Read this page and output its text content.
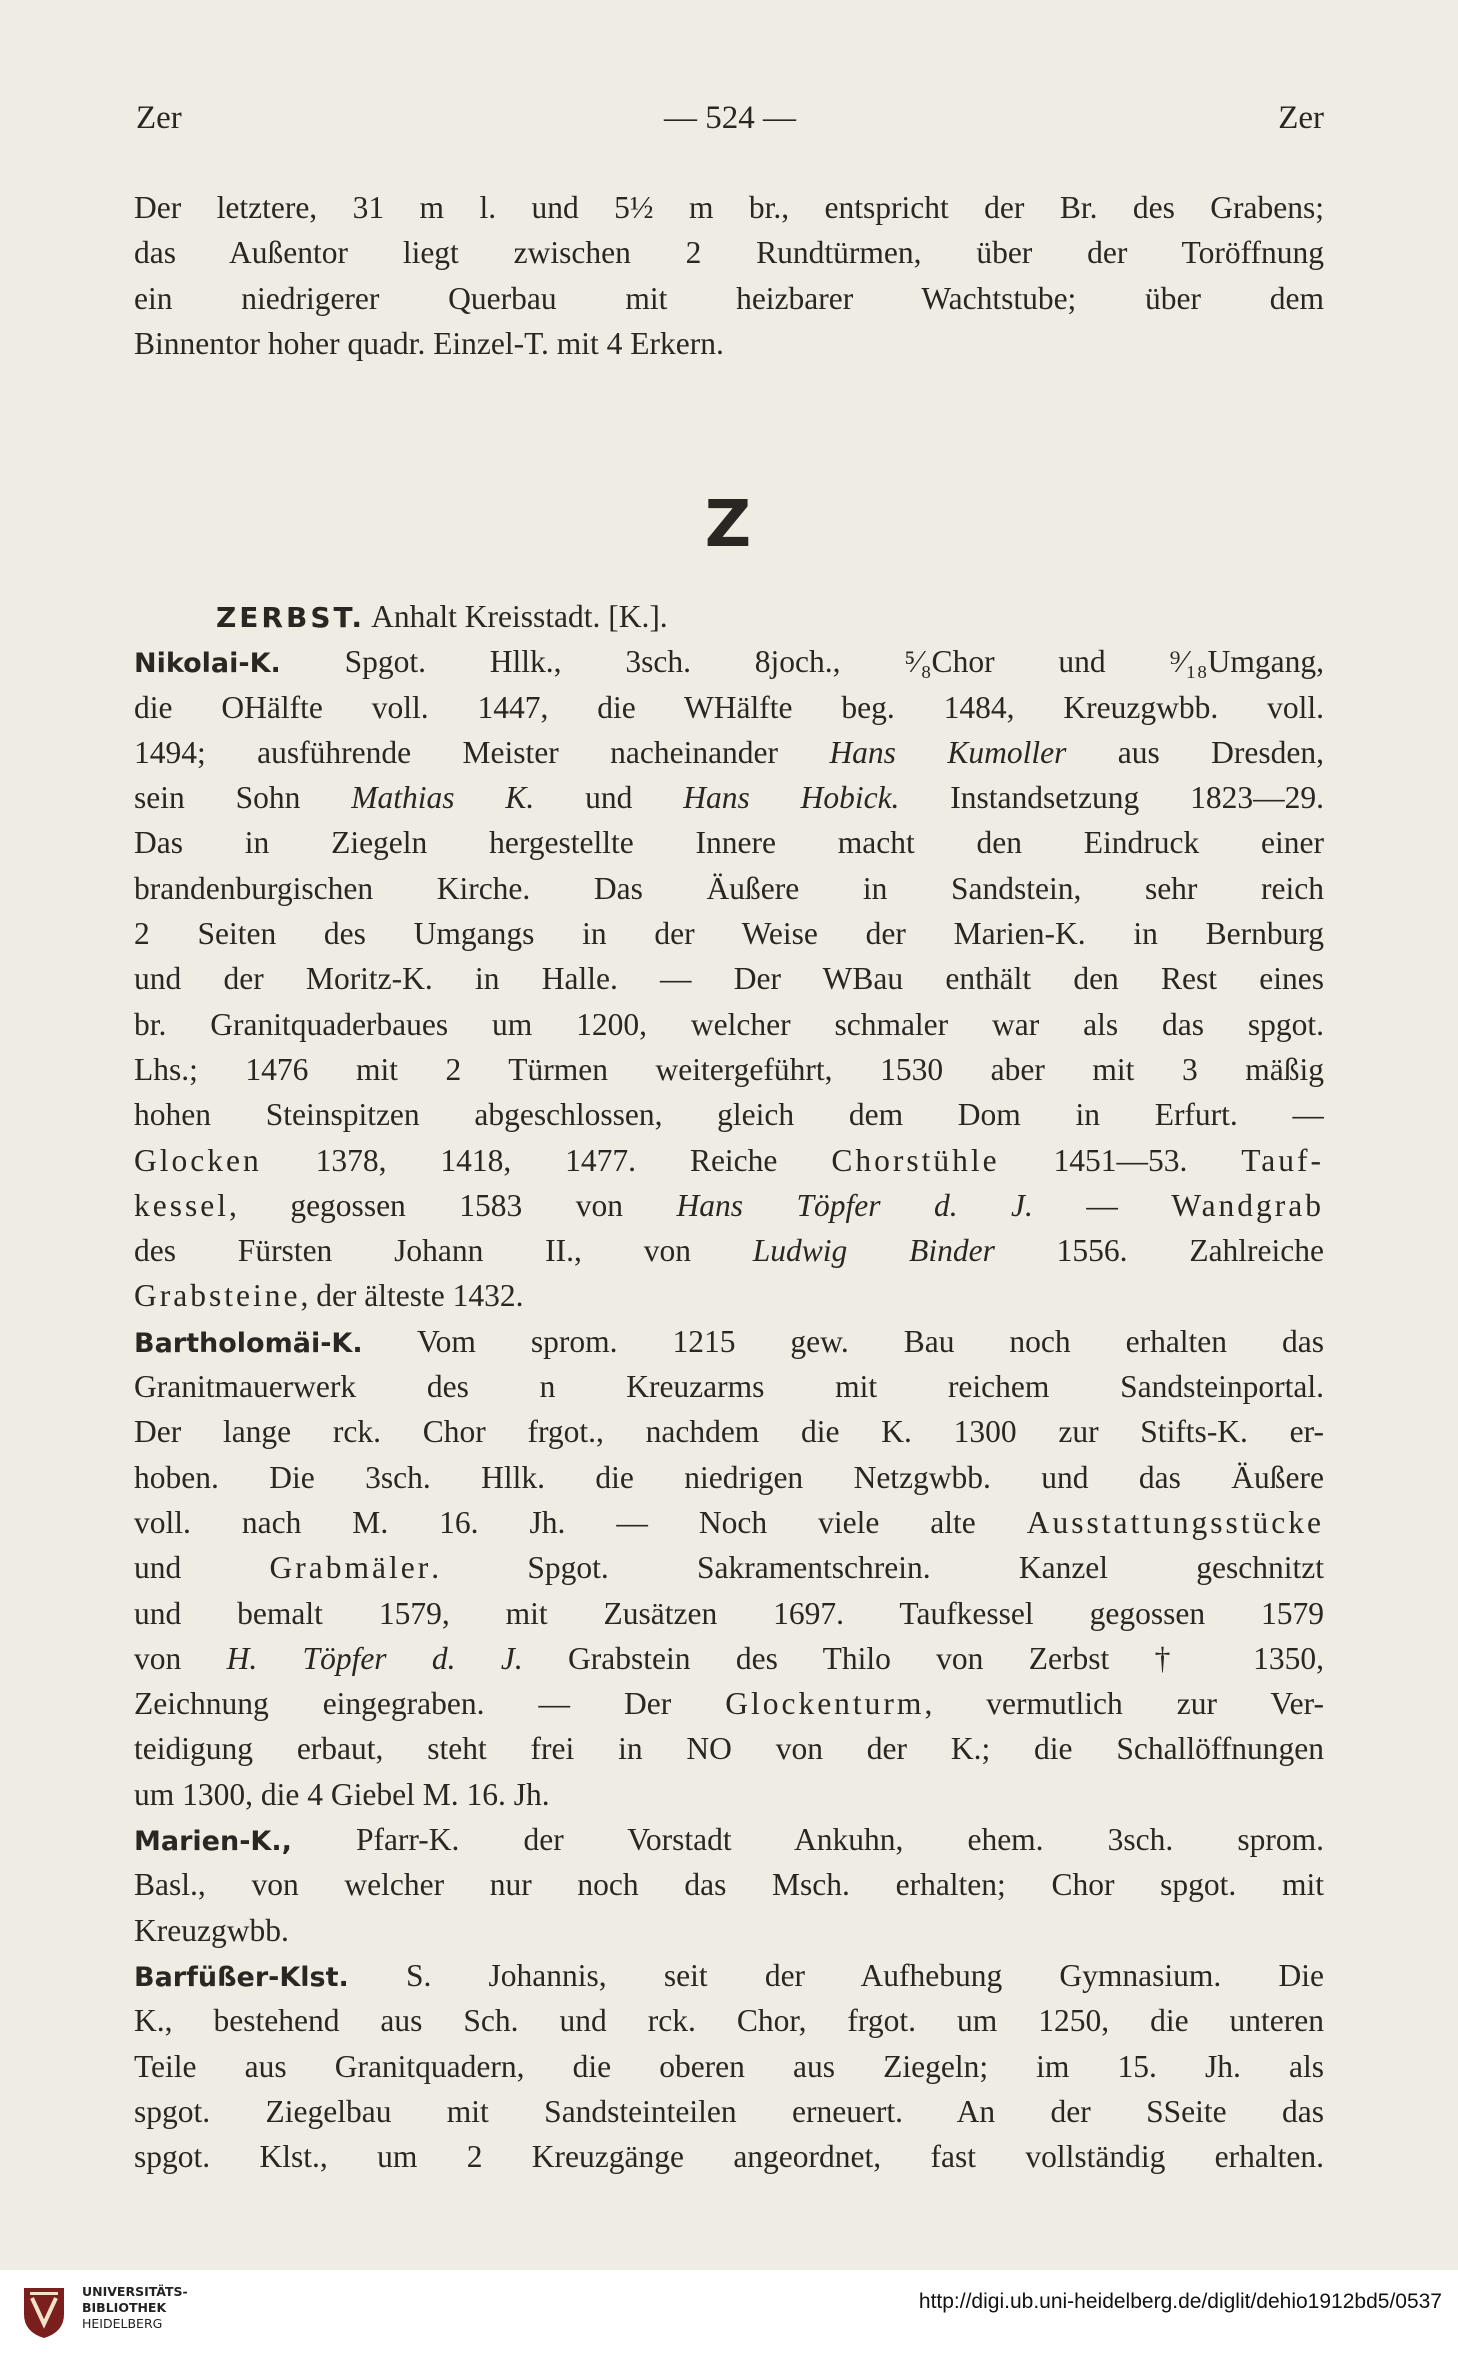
Zer	— 524 —	Zer
Der letztere, 31 m l. und 5½ m br., entspricht der Br. des Grabens;
das Außentor liegt zwischen 2 Rundtürmen, über der Toröffnung
ein niedrigerer Querbau mit heizbarer Wachtstube; über dem
Binnentor hoher quadr. Einzel-T. mit 4 Erkern.
Z
ZERBST. Anhalt Kreisstadt. [K.].
Nikolai-K. Spgot. Hllk., 3sch. 8joch., ⁵⁄₈Chor und ⁹⁄₁₈Umgang,
die OHälfte voll. 1447, die WHälfte beg. 1484, Kreuzgwbb. voll.
1494; ausführende Meister nacheinander Hans Kumoller aus Dresden,
sein Sohn Mathias K. und Hans Hobick. Instandsetzung 1823—29.
Das in Ziegeln hergestellte Innere macht den Eindruck einer
brandenburgischen Kirche. Das Äußere in Sandstein, sehr reich
2 Seiten des Umgangs in der Weise der Marien-K. in Bernburg
und der Moritz-K. in Halle. — Der WBau enthält den Rest eines
br. Granitquaderbaues um 1200, welcher schmaler war als das spgot.
Lhs.; 1476 mit 2 Türmen weitergeführt, 1530 aber mit 3 mäßig
hohen Steinspitzen abgeschlossen, gleich dem Dom in Erfurt. —
Glocken 1378, 1418, 1477. Reiche Chorstühle 1451—53. Tauf-
kessel, gegossen 1583 von Hans Töpfer d. J. — Wandgrab
des Fürsten Johann II., von Ludwig Binder 1556. Zahlreiche
Grabsteine, der älteste 1432.
Bartholomäi-K. Vom sprom. 1215 gew. Bau noch erhalten das
Granitmauerwerk des n Kreuzarms mit reichem Sandsteinportal.
Der lange rck. Chor frgot., nachdem die K. 1300 zur Stifts-K. er-
hoben. Die 3sch. Hllk. die niedrigen Netzgwbb. und das Äußere
voll. nach M. 16. Jh. — Noch viele alte Ausstattungsstücke
und Grabmäler. Spgot. Sakramentschrein. Kanzel geschnitzt
und bemalt 1579, mit Zusätzen 1697. Taufkessel gegossen 1579
von H. Töpfer d. J. Grabstein des Thilo von Zerbst † 1350,
Zeichnung eingegraben. — Der Glockenturm, vermutlich zur Ver-
teidigung erbaut, steht frei in NO von der K.; die Schallöffnungen
um 1300, die 4 Giebel M. 16. Jh.
Marien-K., Pfarr-K. der Vorstadt Ankuhn, ehem. 3sch. sprom.
Basl., von welcher nur noch das Msch. erhalten; Chor spgot. mit
Kreuzgwbb.
Barfüßer-Klst. S. Johannis, seit der Aufhebung Gymnasium. Die
K., bestehend aus Sch. und rck. Chor, frgot. um 1250, die unteren
Teile aus Granitquadern, die oberen aus Ziegeln; im 15. Jh. als
spgot. Ziegelbau mit Sandsteinteilen erneuert. An der SSeite das
spgot. Klst., um 2 Kreuzgänge angeordnet, fast vollständig erhalten.
UNIVERSITÄTS-
BIBLIOTHEK
HEIDELBERG
http://digi.ub.uni-heidelberg.de/diglit/dehio1912bd5/0537
